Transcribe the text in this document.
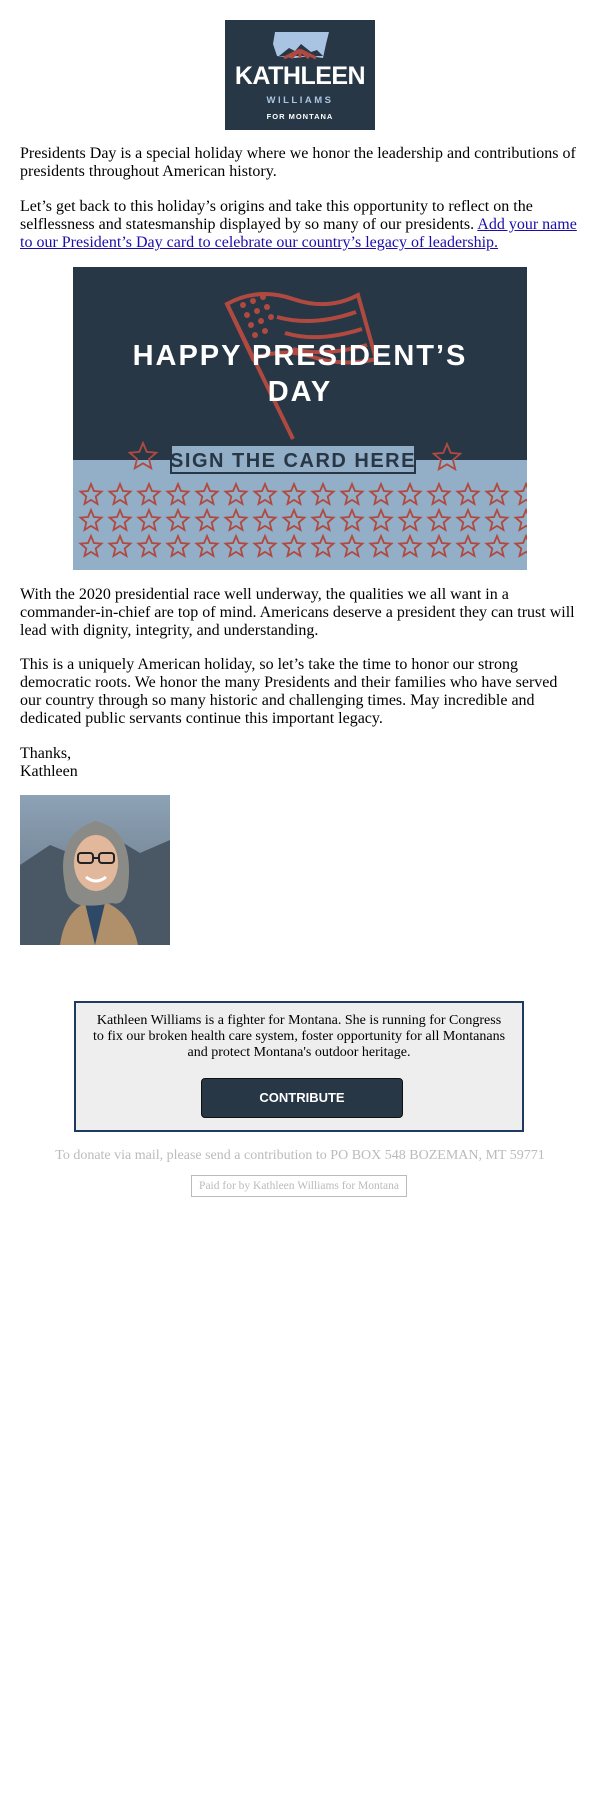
KATHLEEN
WILLIAMS
FOR MONTANA

Presidents Day is a special holiday where we honor the leadership and contributions of presidents throughout American history.

Let’s get back to this holiday’s origins and take this opportunity to reflect on the selflessness and statesmanship displayed by so many of our presidents. Add your name to our President’s Day card to celebrate our country’s legacy of leadership.

HAPPY PRESIDENT’S
DAY
SIGN THE CARD HERE

With the 2020 presidential race well underway, the qualities we all want in a commander-in-chief are top of mind. Americans deserve a president they can trust will lead with dignity, integrity, and understanding.

This is a uniquely American holiday, so let’s take the time to honor our strong democratic roots. We honor the many Presidents and their families who have served our country through so many historic and challenging times. May incredible and dedicated public servants continue this important legacy.

Thanks,
Kathleen

Kathleen Williams is a fighter for Montana. She is running for Congress to fix our broken health care system, foster opportunity for all Montanans and protect Montana's outdoor heritage.
CONTRIBUTE
To donate via mail, please send a contribution to PO BOX 548 BOZEMAN, MT 59771
Paid for by Kathleen Williams for Montana
